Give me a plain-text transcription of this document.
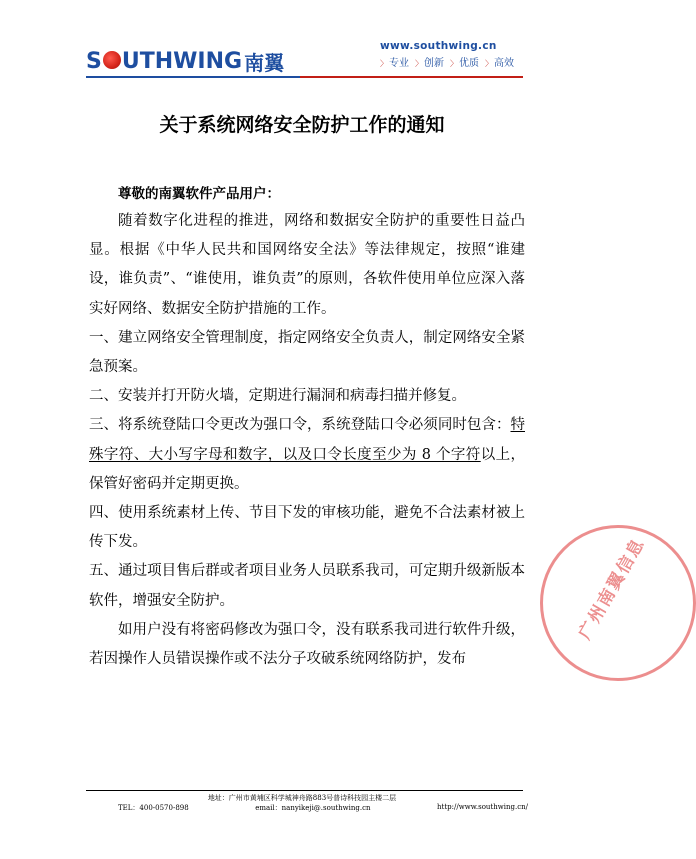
S UTHWING 南翼
www.southwing.cn
〉 专业	〉 创新	〉 优质	〉 高效
关于系统网络安全防护工作的通知
尊敬的南翼软件产品用户：

随着数字化进程的推进，网络和数据安全防护的重要性日益凸显。根据《中华人民共和国网络安全法》等法律规定，按照“谁建设，谁负责”、“谁使用，谁负责”的原则，各软件使用单位应深入落实好网络、数据安全防护措施的工作。

一、建立网络安全管理制度，指定网络安全负责人，制定网络安全紧急预案。

二、安装并打开防火墙，定期进行漏洞和病毒扫描并修复。

三、将系统登陆口令更改为强口令，系统登陆口令必须同时包含：特殊字符、大小写字母和数字，以及口令长度至少为 8 个字符以上，保管好密码并定期更换。

四、使用系统素材上传、节目下发的审核功能，避免不合法素材被上传下发。

五、通过项目售后群或者项目业务人员联系我司，可定期升级新版本软件，增强安全防护。

如用户没有将密码修改为强口令，没有联系我司进行软件升级，若因操作人员错误操作或不法分子攻破系统网络防护，发布

广州南翼信息
地址：广州市黄埔区科学城神舟路883号普诗科技园主楼二层
TEL：400-0570-898	email：nanyikeji@.southwing.cn	http://www.southwing.cn/
